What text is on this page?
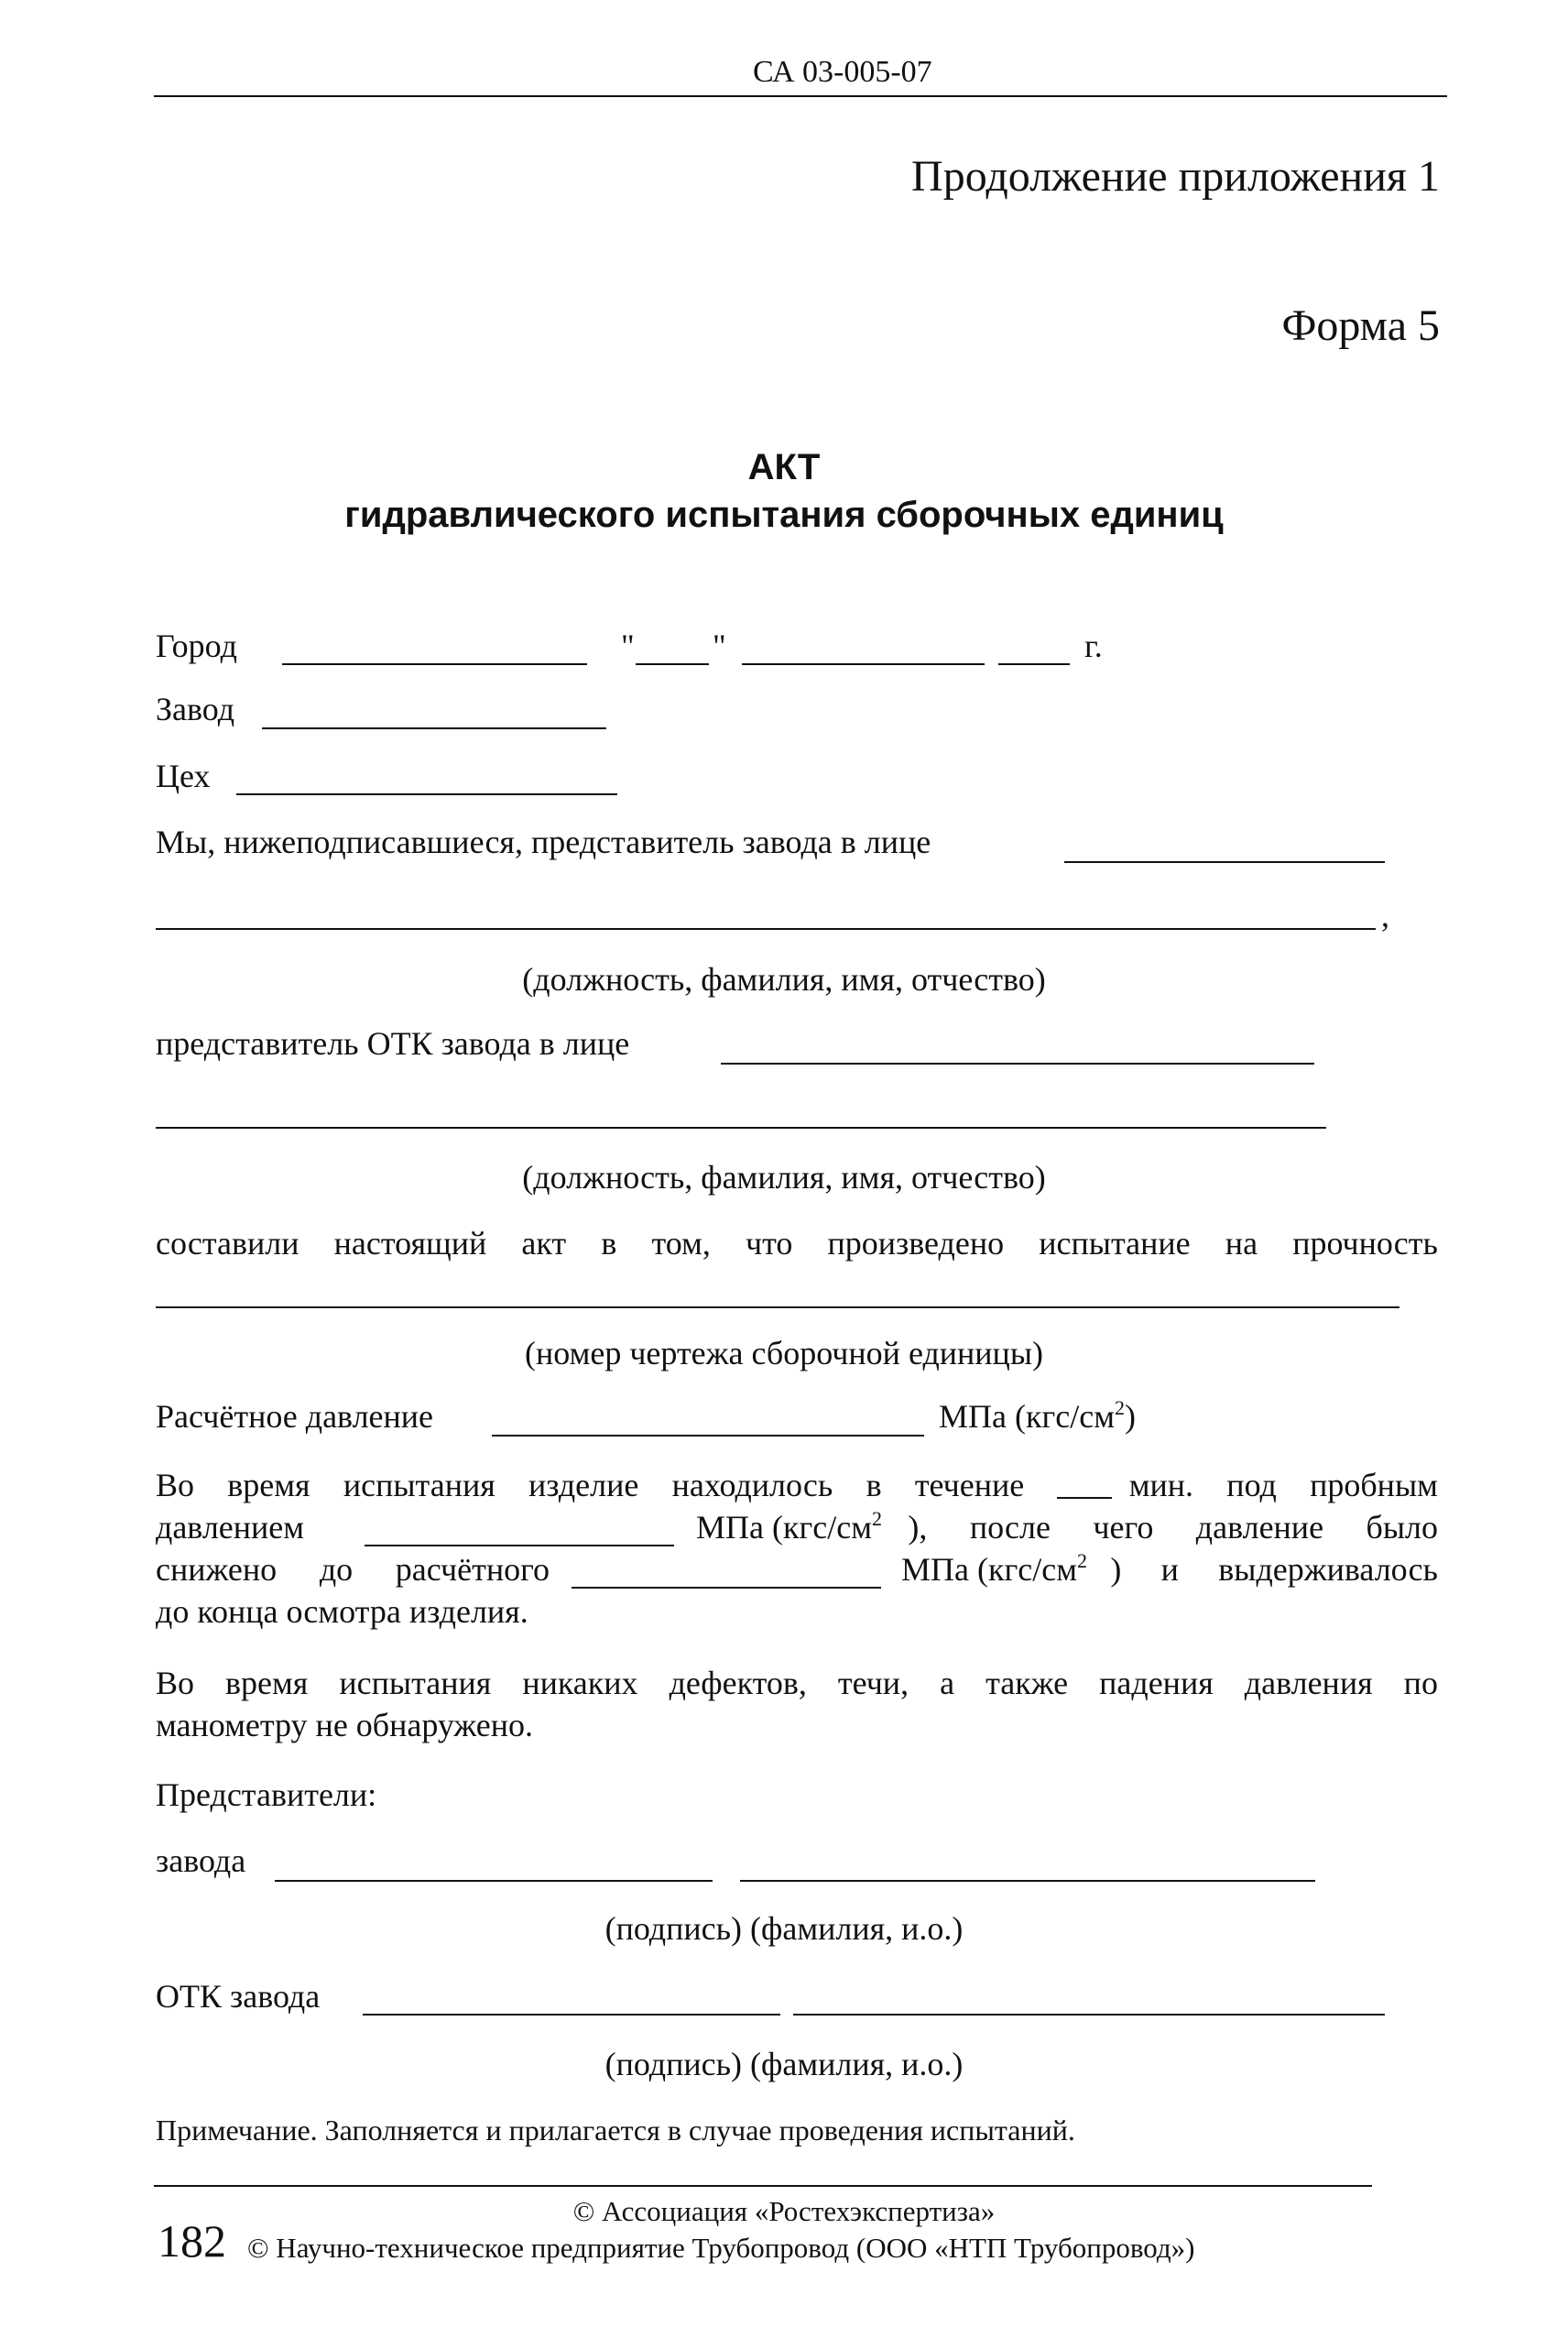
СА 03-005-07
Продолжение приложения 1
Форма 5
АКТ
гидравлического испытания сборочных единиц
Город	" "	г.
Завод
Цех
Мы, нижеподписавшиеся, представитель завода в лице
,
(должность, фамилия, имя, отчество)
представитель ОТК завода в лице
(должность, фамилия, имя, отчество)
составили настоящий акт в том, что произведено испытание на прочность
(номер чертежа сборочной единицы)
Расчётное давление	МПа $(кгс/см^2)$
Во время испытания изделие находилось в течение	мин. под пробным
давлением	МПа ($кгс/см^2$ ), после чего давление было
снижено до расчётного	МПа ($кгс/см^2$ ) и выдерживалось
до конца осмотра изделия.
Во время испытания никаких дефектов, течи, а также падения давления по
манометру не обнаружено.
Представители:
завода
(подпись) (фамилия, и.о.)
ОТК завода
(подпись) (фамилия, и.о.)
Примечание. Заполняется и прилагается в случае проведения испытаний.
© Ассоциация «Ростехэкспертиза»
182 © Научно-техническое предприятие Трубопровод (ООО «НТП Трубопровод»)
